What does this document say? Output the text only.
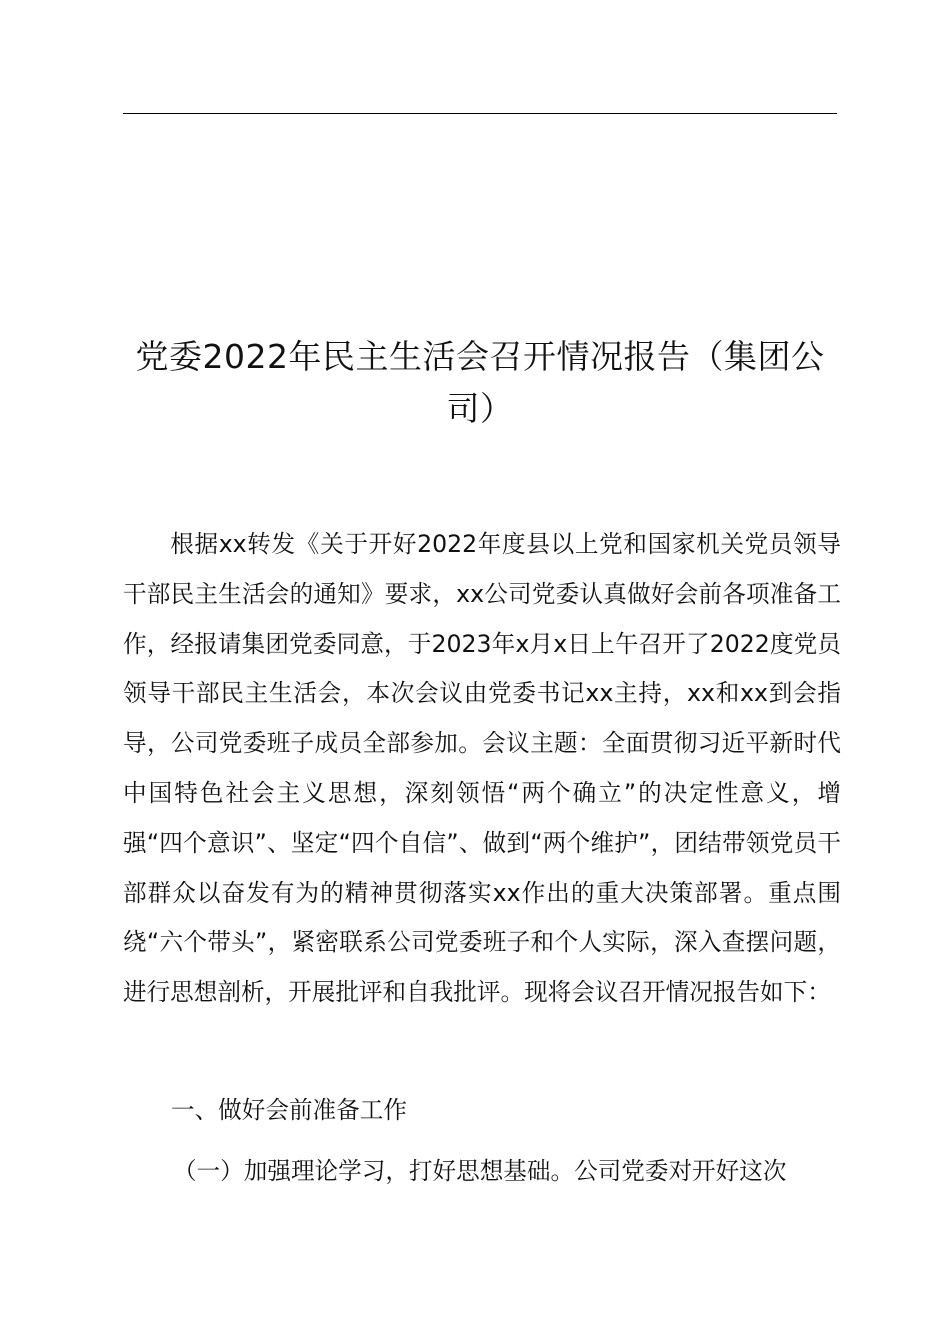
党委2022年民主生活会召开情况报告（集团公司）

根据xx转发《关于开好2022年度县以上党和国家机关党员领导干部民主生活会的通知》要求，xx公司党委认真做好会前各项准备工作，经报请集团党委同意，于2023年x月x日上午召开了2022度党员领导干部民主生活会，本次会议由党委书记xx主持，xx和xx到会指导，公司党委班子成员全部参加。会议主题：全面贯彻习近平新时代中国特色社会主义思想，深刻领悟“两个确立”的决定性意义，增强“四个意识”、坚定“四个自信”、做到“两个维护”，团结带领党员干部群众以奋发有为的精神贯彻落实xx作出的重大决策部署。重点围绕“六个带头”，紧密联系公司党委班子和个人实际，深入查摆问题，进行思想剖析，开展批评和自我批评。现将会议召开情况报告如下：

一、做好会前准备工作

（一）加强理论学习，打好思想基础。公司党委对开好这次
